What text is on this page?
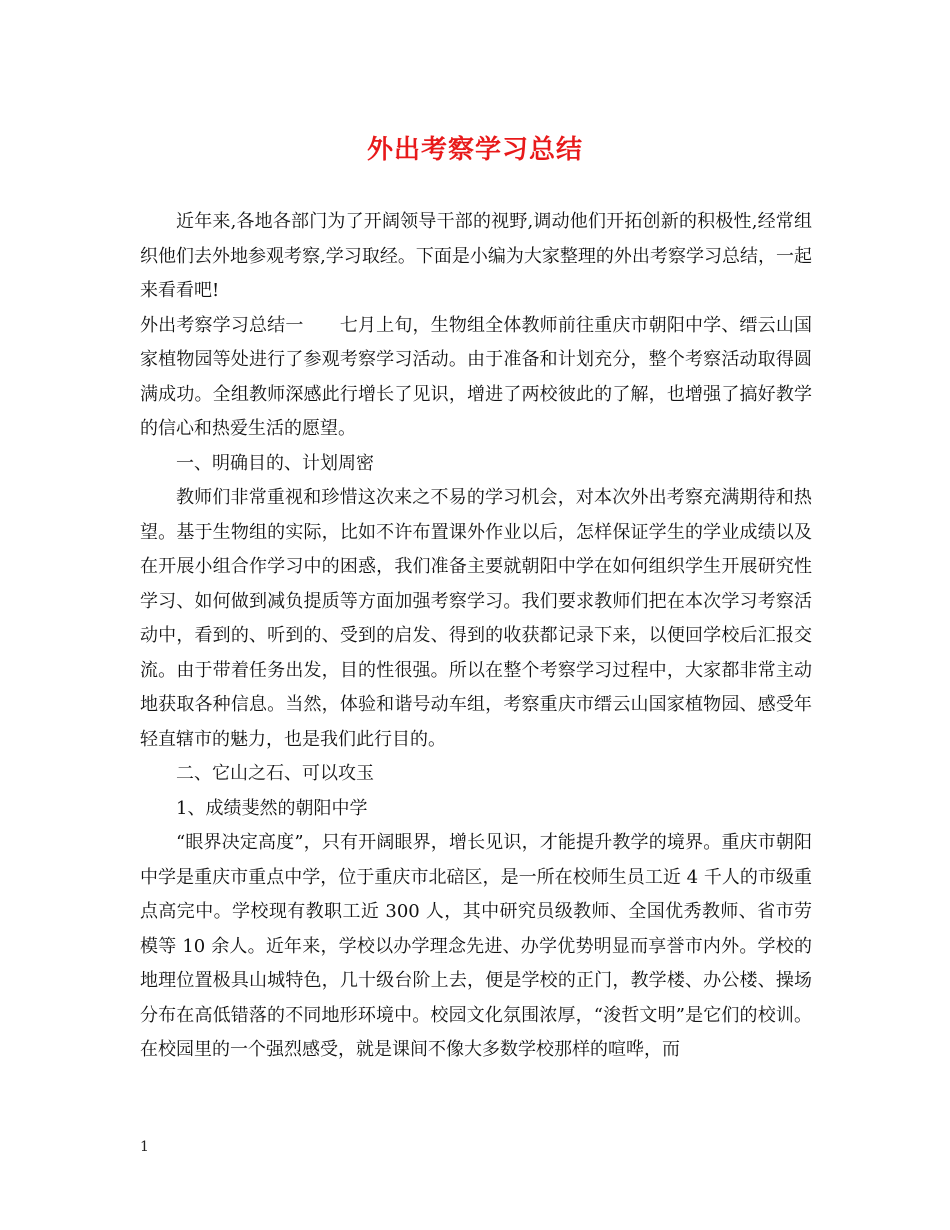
外出考察学习总结

近年来,各地各部门为了开阔领导干部的视野,调动他们开拓创新的积极性,经常组织他们去外地参观考察,学习取经。下面是小编为大家整理的外出考察学习总结，一起来看看吧!

外出考察学习总结一　　七月上旬，生物组全体教师前往重庆市朝阳中学、缙云山国家植物园等处进行了参观考察学习活动。由于准备和计划充分，整个考察活动取得圆满成功。全组教师深感此行增长了见识，增进了两校彼此的了解，也增强了搞好教学的信心和热爱生活的愿望。

一、明确目的、计划周密

教师们非常重视和珍惜这次来之不易的学习机会，对本次外出考察充满期待和热望。基于生物组的实际，比如不许布置课外作业以后，怎样保证学生的学业成绩以及在开展小组合作学习中的困惑，我们准备主要就朝阳中学在如何组织学生开展研究性学习、如何做到减负提质等方面加强考察学习。我们要求教师们把在本次学习考察活动中，看到的、听到的、受到的启发、得到的收获都记录下来，以便回学校后汇报交流。由于带着任务出发，目的性很强。所以在整个考察学习过程中，大家都非常主动地获取各种信息。当然，体验和谐号动车组，考察重庆市缙云山国家植物园、感受年轻直辖市的魅力，也是我们此行目的。

二、它山之石、可以攻玉

1、成绩斐然的朝阳中学

“眼界决定高度”，只有开阔眼界，增长见识，才能提升教学的境界。重庆市朝阳中学是重庆市重点中学，位于重庆市北碚区，是一所在校师生员工近 4 千人的市级重点高完中。学校现有教职工近 300 人，其中研究员级教师、全国优秀教师、省市劳模等 10 余人。近年来，学校以办学理念先进、办学优势明显而享誉市内外。学校的地理位置极具山城特色，几十级台阶上去，便是学校的正门，教学楼、办公楼、操场分布在高低错落的不同地形环境中。校园文化氛围浓厚，“浚哲文明”是它们的校训。在校园里的一个强烈感受，就是课间不像大多数学校那样的喧哗，而

1
